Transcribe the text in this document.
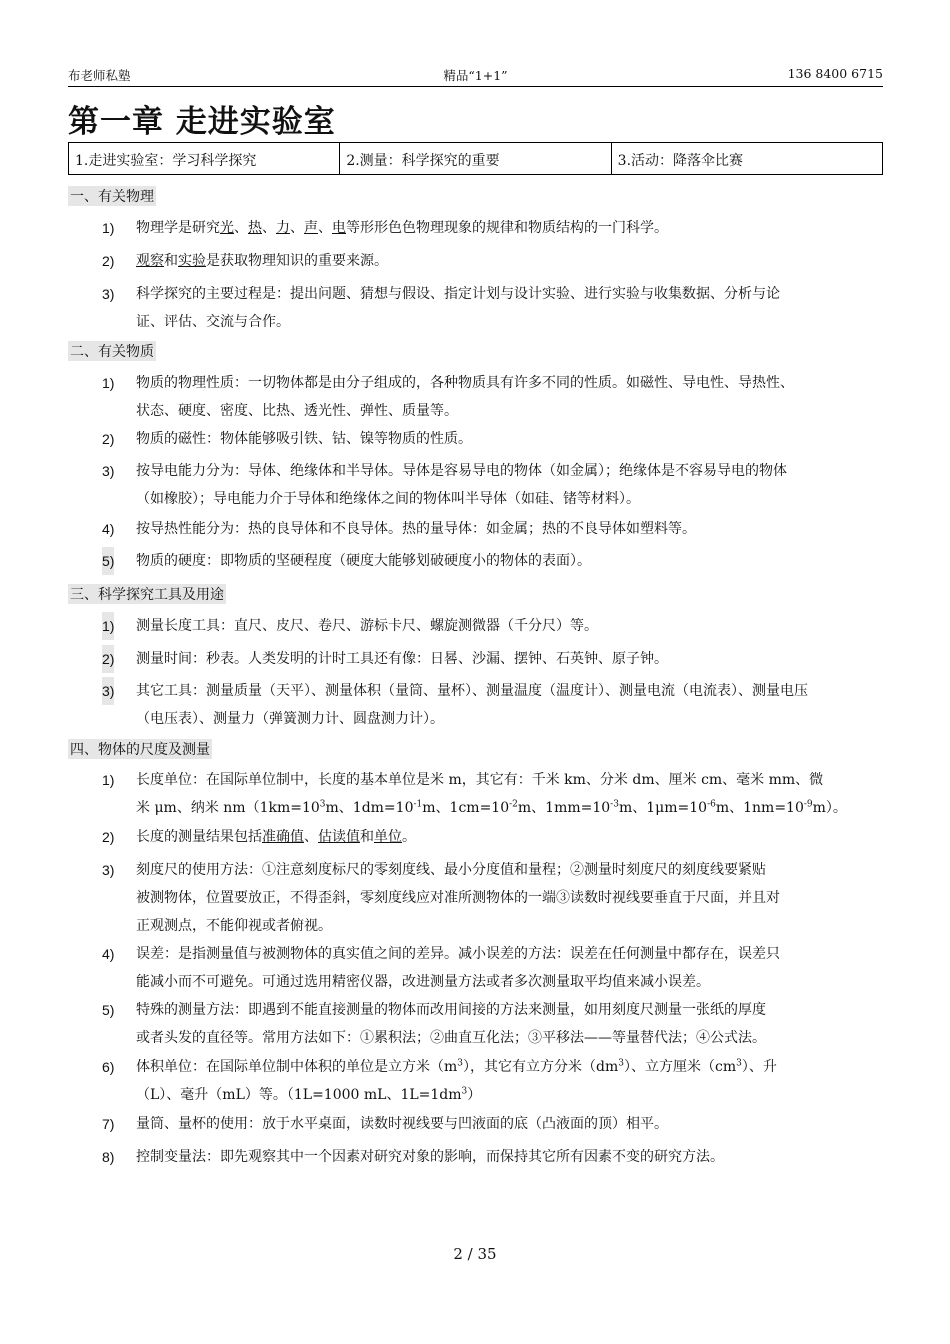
布老师私塾	精品“1+1”	136 8400 6715
第一章 走进实验室
1.走进实验室：学习科学探究	2.测量：科学探究的重要	3.活动：降落伞比赛
一、有关物理
1) 物理学是研究光、热、力、声、电等形形色色物理现象的规律和物质结构的一门科学。
2) 观察和实验是获取物理知识的重要来源。
3) 科学探究的主要过程是：提出问题、猜想与假设、指定计划与设计实验、进行实验与收集数据、分析与论
证、评估、交流与合作。
二、有关物质
1) 物质的物理性质：一切物体都是由分子组成的，各种物质具有许多不同的性质。如磁性、导电性、导热性、
状态、硬度、密度、比热、透光性、弹性、质量等。
2) 物质的磁性：物体能够吸引铁、钴、镍等物质的性质。
3) 按导电能力分为：导体、绝缘体和半导体。导体是容易导电的物体（如金属）；绝缘体是不容易导电的物体
（如橡胶）；导电能力介于导体和绝缘体之间的物体叫半导体（如硅、锗等材料）。
4) 按导热性能分为：热的良导体和不良导体。热的量导体：如金属；热的不良导体如塑料等。
5) 物质的硬度：即物质的坚硬程度（硬度大能够划破硬度小的物体的表面）。
三、科学探究工具及用途
1) 测量长度工具：直尺、皮尺、卷尺、游标卡尺、螺旋测微器（千分尺）等。
2) 测量时间：秒表。人类发明的计时工具还有像：日晷、沙漏、摆钟、石英钟、原子钟。
3) 其它工具：测量质量（天平）、测量体积（量筒、量杯）、测量温度（温度计）、测量电流（电流表）、测量电压
（电压表）、测量力（弹簧测力计、圆盘测力计）。
四、物体的尺度及测量
1) 长度单位：在国际单位制中，长度的基本单位是米 m，其它有：千米 km、分米 dm、厘米 cm、毫米 mm、微
米 μm、纳米 $nm(1km=10^3m$、$1dm=10^{-1}m$、$1cm=10^{-2}m$、$1mm=10^{-3}m$、$1\mu m=10^{-6}m$、$1nm=10^{-9}m$）。
2) 长度的测量结果包括准确值、估读值和单位。
3) 刻度尺的使用方法：①注意刻度标尺的零刻度线、最小分度值和量程；②测量时刻度尺的刻度线要紧贴
被测物体，位置要放正，不得歪斜，零刻度线应对准所测物体的一端③读数时视线要垂直于尺面，并且对
正观测点，不能仰视或者俯视。
4) 误差：是指测量值与被测物体的真实值之间的差异。减小误差的方法：误差在任何测量中都存在，误差只
能减小而不可避免。可通过选用精密仪器，改进测量方法或者多次测量取平均值来减小误差。
5) 特殊的测量方法：即遇到不能直接测量的物体而改用间接的方法来测量，如用刻度尺测量一张纸的厚度
或者头发的直径等。常用方法如下：①累积法；②曲直互化法；③平移法——等量替代法；④公式法。
6) 体积单位：在国际单位制中体积的单位是立方米$(m^3)$，其它有立方分米$(dm^3)$、立方厘米$(cm^3)$、升
（L）、毫升（mL）等。（1L=1000 mL、$1L=1dm^3$）
7) 量筒、量杯的使用：放于水平桌面，读数时视线要与凹液面的底（凸液面的顶）相平。
8) 控制变量法：即先观察其中一个因素对研究对象的影响，而保持其它所有因素不变的研究方法。
2 / 35
